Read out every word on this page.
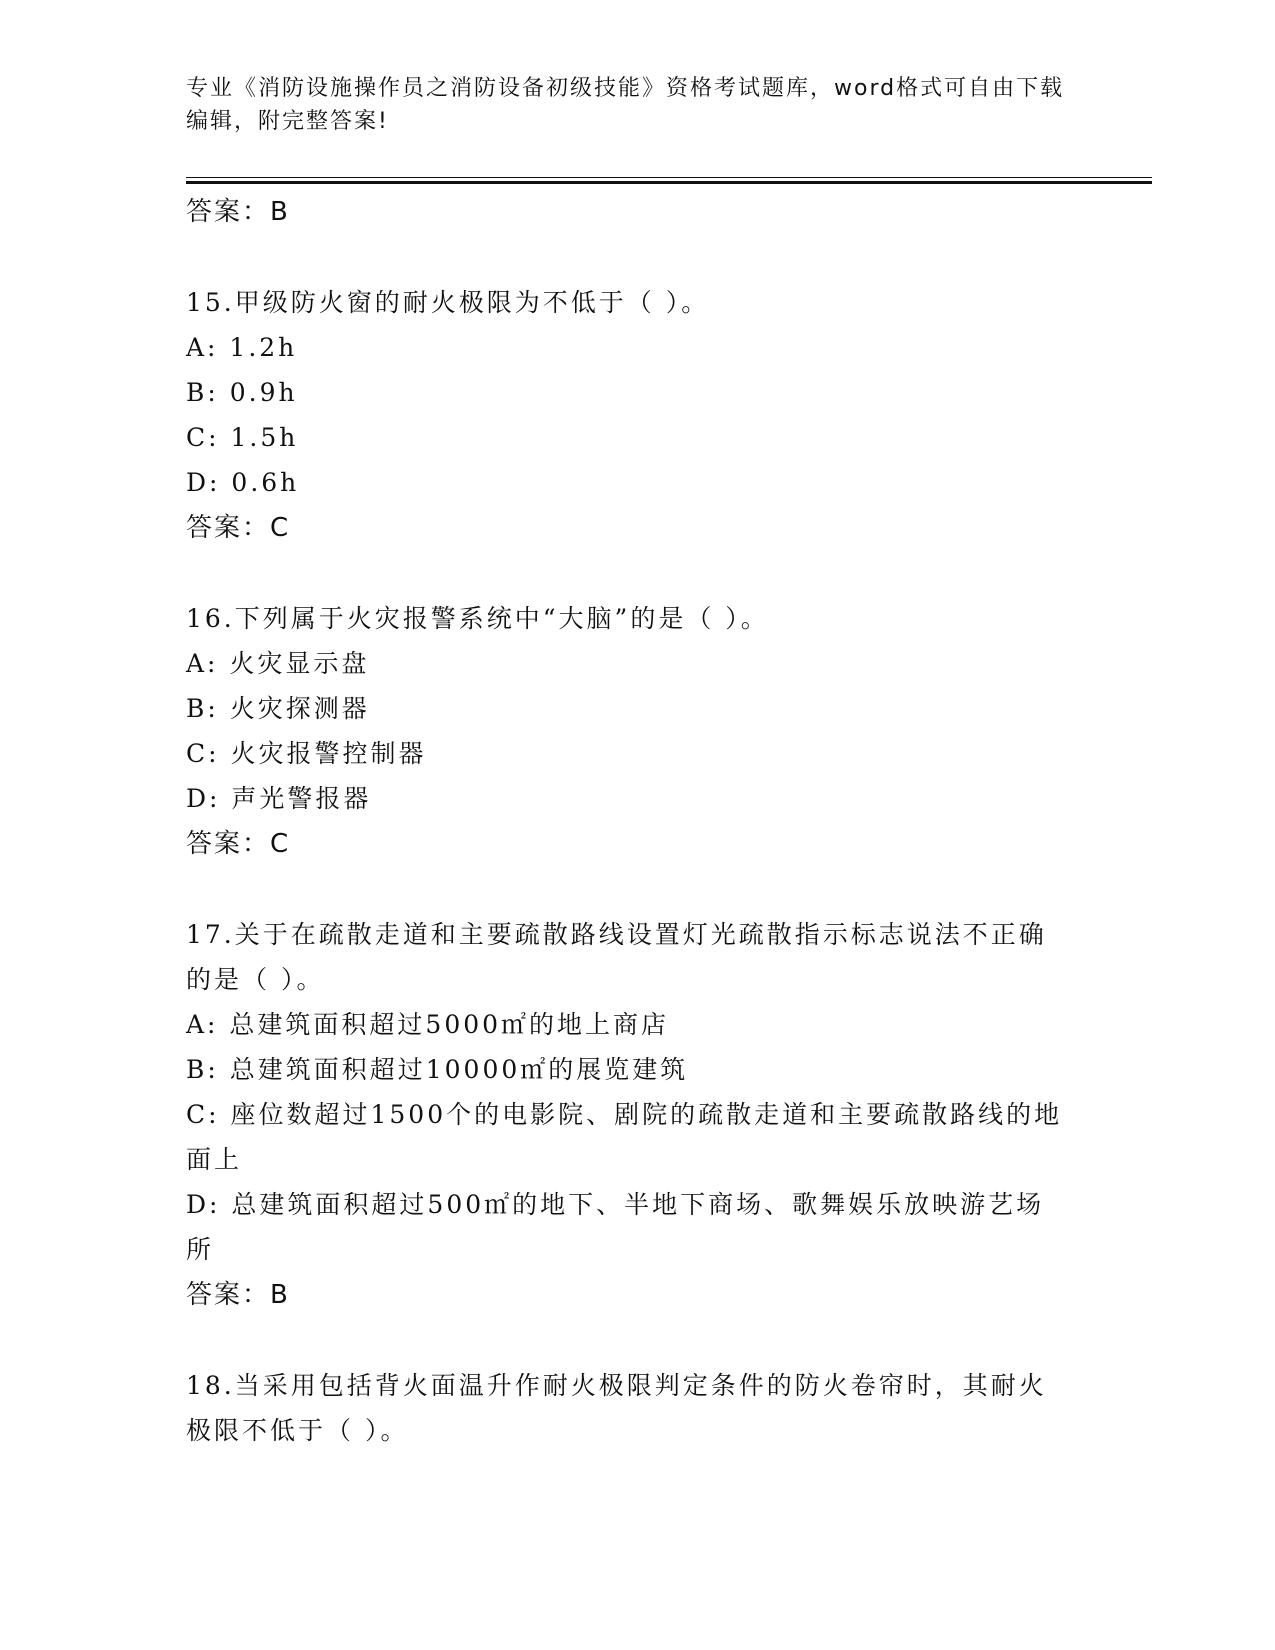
专业《消防设施操作员之消防设备初级技能》资格考试题库，word格式可自由下载编辑，附完整答案!
答案：B
15.甲级防火窗的耐火极限为不低于（ ）。
A: 1.2h
B: 0.9h
C: 1.5h
D: 0.6h
答案：C
16.下列属于火灾报警系统中“大脑”的是（ ）。
A: 火灾显示盘
B: 火灾探测器
C: 火灾报警控制器
D: 声光警报器
答案：C
17.关于在疏散走道和主要疏散路线设置灯光疏散指示标志说法不正确的是（ ）。
A: 总建筑面积超过5000㎡的地上商店
B: 总建筑面积超过10000㎡的展览建筑
C: 座位数超过1500个的电影院、剧院的疏散走道和主要疏散路线的地面上
D: 总建筑面积超过500㎡的地下、半地下商场、歌舞娱乐放映游艺场所
答案：B
18.当采用包括背火面温升作耐火极限判定条件的防火卷帘时，其耐火极限不低于（ ）。
